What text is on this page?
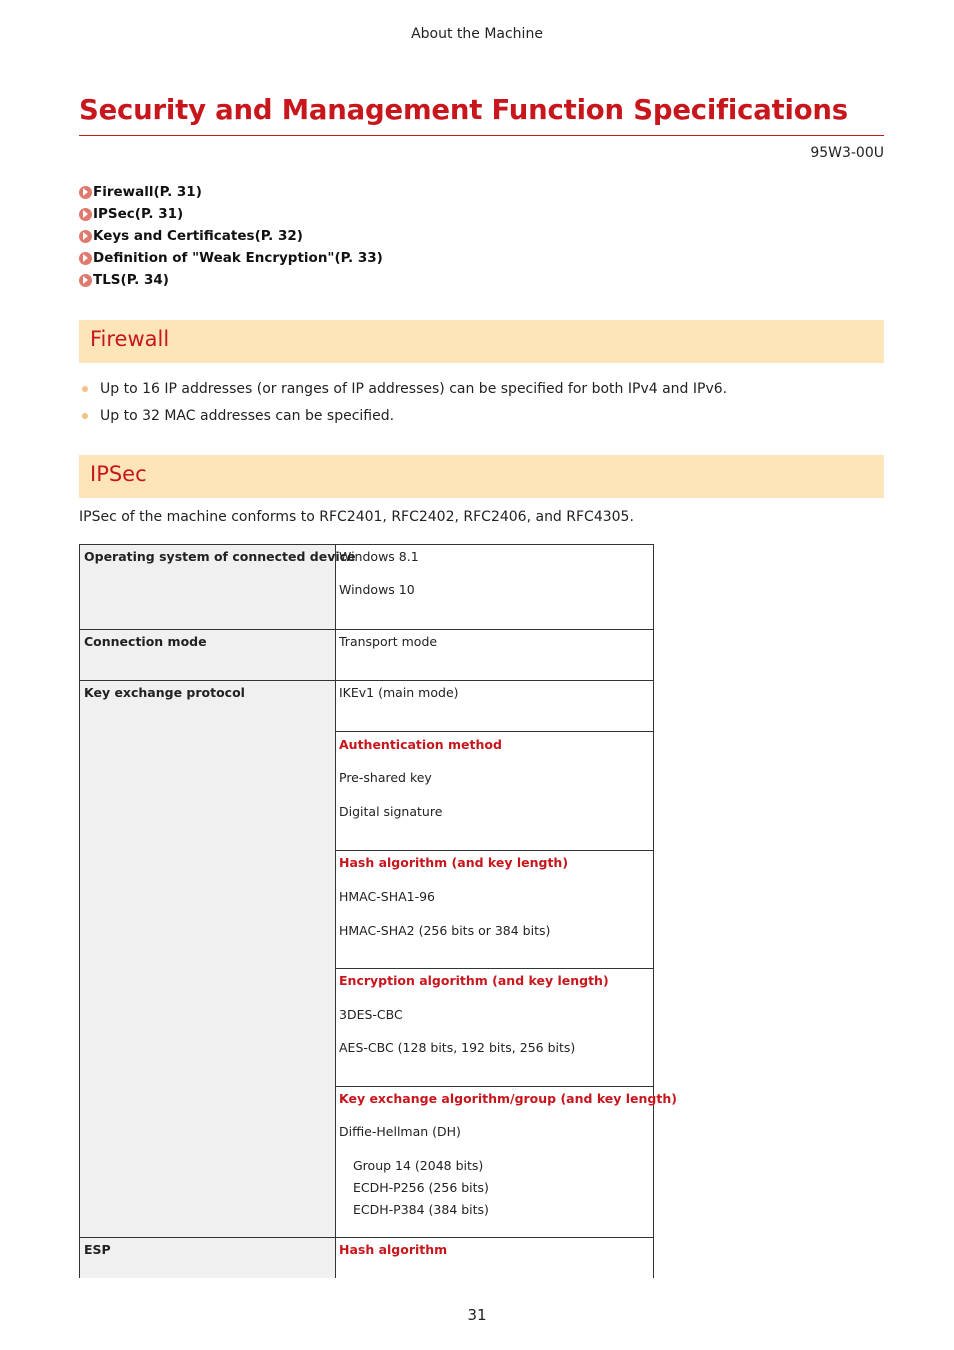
About the Machine
Security and Management Function Specifications
95W3-00U
Firewall(P. 31)
IPSec(P. 31)
Keys and Certificates(P. 32)
Definition of "Weak Encryption"(P. 33)
TLS(P. 34)
Firewall
Up to 16 IP addresses (or ranges of IP addresses) can be specified for both IPv4 and IPv6.
Up to 32 MAC addresses can be specified.
IPSec
IPSec of the machine conforms to RFC2401, RFC2402, RFC2406, and RFC4305.
Operating system of connected device	Windows 8.1
Windows 10

Connection mode	Transport mode

Key exchange protocol	IKEv1 (main mode)

	Authentication method
Pre-shared key
Digital signature

	Hash algorithm (and key length)
HMAC-SHA1-96
HMAC-SHA2 (256 bits or 384 bits)

	Encryption algorithm (and key length)
3DES-CBC
AES-CBC (128 bits, 192 bits, 256 bits)

	Key exchange algorithm/group (and key length)
Diffie-Hellman (DH)
Group 14 (2048 bits)
ECDH-P256 (256 bits)
ECDH-P384 (384 bits)

ESP	Hash algorithm
31
